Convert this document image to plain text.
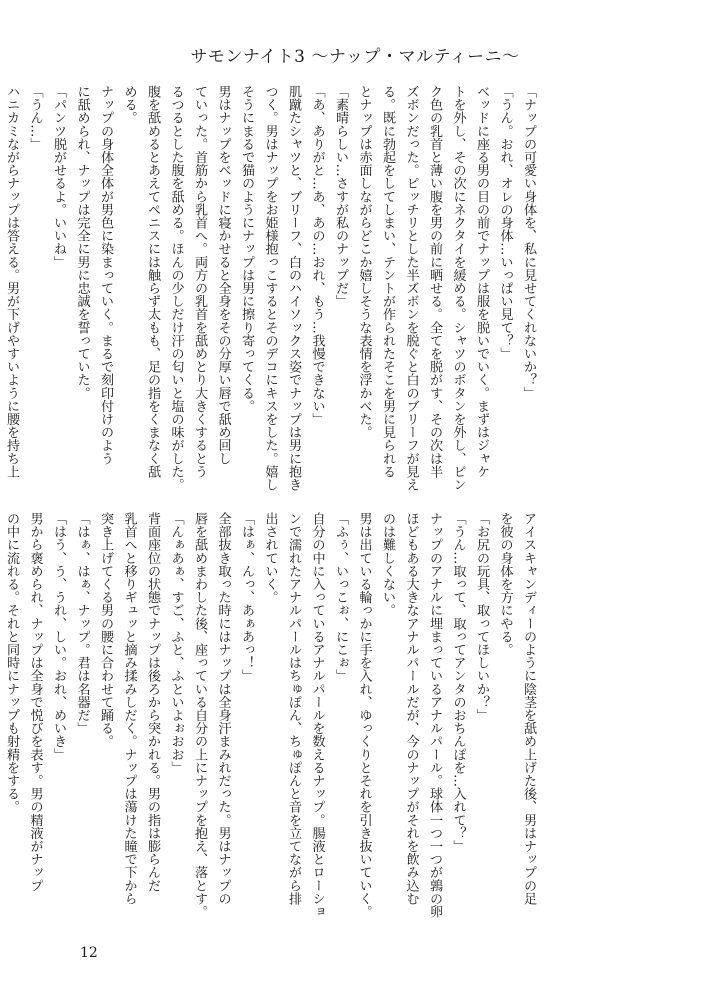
サモンナイト3 〜ナップ・マルティーニ〜
「ナップの可愛い身体を、私に見せてくれないか？」
「うん。おれ、オレの身体…いっぱい見て？」
ベッドに座る男の目の前でナップは服を脱いでいく。まずはジャケ
トを外し、その次にネクタイを緩める。シャツのボタンを外し、ピン
ク色の乳首と薄い腹を男の前に晒せる。全てを脱がす、その次は半
ズボンだった。ピッチリとした半ズボンを脱ぐと白のブリーフが見え
る。既に勃起をしてしまい、テントが作られたそこを男に見られる
とナップは赤面しながらどこか嬉しそうな表情を浮かべた。
「素晴らしい…さすが私のナップだ」
「あ、ありがと…あ、あの…おれ、もう…我慢できない」
肌蹴たシャツと、ブリーフ、白のハイソックス姿でナップは男に抱き
つく。男はナップをお姫様抱っこするとそのデコにキスをした。嬉し
そうにまるで猫のようにナップは男に擦り寄ってくる。
男はナップをベッドに寝かせると全身をその分厚い唇で舐め回し
ていった。首筋から乳首へ。両方の乳首を舐めとり大きくするとう
るつるとした腹を舐める。ほんの少しだけ汗の匂いと塩の味がした。
腹を舐めるとあえてペニスには触らず太もも、足の指をくまなく舐
める。
ナップの身体全体が男色に染まっていく。まるで刻印付けのよう
に舐められ、ナップは完全に男に忠誠を誓っていた。
「パンツ脱がせるよ。いいね」
「うん…」
ハニカミながらナップは答える。男が下げやすいように腰を持ち上
アイスキャンディーのように陰茎を舐め上げた後、男はナップの足
を彼の身体を方にやる。
「お尻の玩具、取ってほしいか？」
「うん…取って、取ってアンタのおちんぽを…入れて？」
ナップのアナルに埋まっているアナルパール。球体一つ一つが鶉の卵
ほどもある大きなアナルパールだが、今のナップがそれを飲み込む
のは難しくない。
男は出ている輪っかに手を入れ、ゆっくりとそれを引き抜いていく。
「ふぅ、いっこぉ、にこぉ」
自分の中に入っているアナルパールを数えるナップ。腸液とローショ
ンで濡れたアナルパールはちゅぽん、ちゅぽんと音を立てながら排
出されていく。
「はぁ、んっ、あぁあっ！」
全部抜き取った時にはナップは全身汗まみれだった。男はナップの
唇を舐めまわした後、座っている自分の上にナップを抱え、落とす。
「んぁあぁ、すご、ふと、ふといよぉおお」
背面座位の状態でナップは後ろから突かれる。男の指は膨らんだ
乳首へと移りギュッと摘み揉みしだく。ナップは蕩けた瞳で下から
突き上げてくる男の腰に合わせて踊る。
「はぁ、はぁ、ナップ。君は名器だ」
「はう、う、うれ、しい。おれ、めいき」
男から褒められ、ナップは全身で悦びを表す。男の精液がナップ
の中に流れる。それと同時にナップも射精をする。
12
